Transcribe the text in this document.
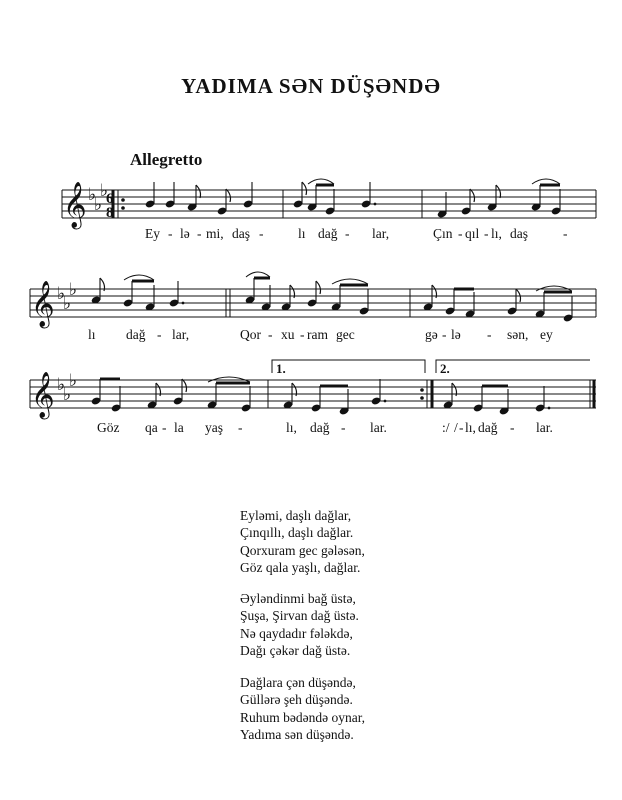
YADIMA SƏN DÜŞƏNDƏ
Allegretto
𝄞
𝄞
𝄞
♭
♭
♭
♭
♭
♭
♭
♭
♭
6
8
1.	2.
Ey - lə - mi, daş -	lı dağ - lar,	Çın - qıl - lı, daş	-
lı dağ - lar,	Qor - xu - ram gec	gə - lə - sən, ey
Göz qa - la yaş -	lı, dağ - lar.	:/ / - lı, dağ - lar.
Eyləmi, daşlı dağlar,
Çınqıllı, daşlı dağlar.
Qorxuram gec gələsən,
Göz qala yaşlı, dağlar.
Əyləndinmi bağ üstə,
Şuşa, Şirvan dağ üstə.
Nə qaydadır fələkdə,
Dağı çəkər dağ üstə.
Dağlara çən düşəndə,
Güllərə şeh düşəndə.
Ruhum bədəndə oynar,
Yadıma sən düşəndə.
